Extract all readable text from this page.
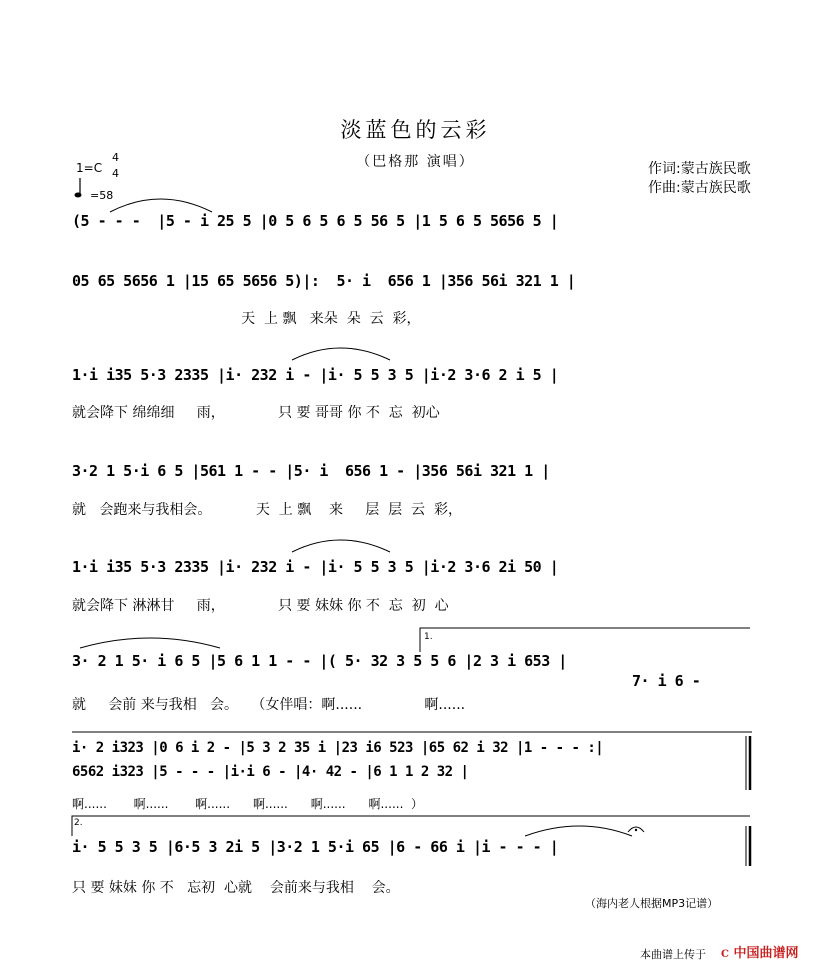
淡蓝色的云彩
（巴格那 演唱）	作词:蒙古族民歌
作曲:蒙古族民歌
1=C
4
4
=58
(5 - - -  |5 - i 25 5 |0 5 6 5 6 5 56 5 |1 5 6 5 5656 5 |
05 65 5656 1 |15 65 5656 5)|:  5· i  656 1 |356 56i 321 1 |
天  上 飘   来朵  朵  云  彩，
1·i i35 5·3 2335 |i· 232 i - |i· 5 5 3 5 |i·2 3·6 2 i 5 |
就会降下 绵绵细     雨，            只 要 哥哥 你 不  忘  初心
3·2 1 5·i 6 5 |561 1 - - |5· i  656 1 - |356 56i 321 1 |
就   会跑来与我相会。          天  上 飘    来     层  层  云  彩，
1·i i35 5·3 2335 |i· 232 i - |i· 5 5 3 5 |i·2 3·6 2i 50 |
就会降下 淋淋甘     雨，            只 要 妹妹 你 不  忘  初  心
1.
3· 2 1 5· i 6 5 |5 6 1 1 - - |( 5· 32 3 5 5 6 |2 3 i 653 |
7· i 6 -
就     会前 来与我相   会。   （女伴唱：啊......              啊......
i· 2 i323 |0 6 i 2 - |5 3 2 35 i |23 i6 523 |65 62 i 32 |1 - - - :|
6562 i323 |5 - - - |i·i 6 - |4· 42 - |6 1 1 2 32 |
啊......       啊......       啊......      啊......      啊......      啊......  ）
2.
i· 5 5 3 5 |6·5 3 2i 5 |3·2 1 5·i 65 |6 - 66 i |i - - - |
只 要 妹妹 你 不   忘初  心就    会前来与我相    会。
（海内老人根据MP3记谱）
本曲谱上传于 C 中国曲谱网
